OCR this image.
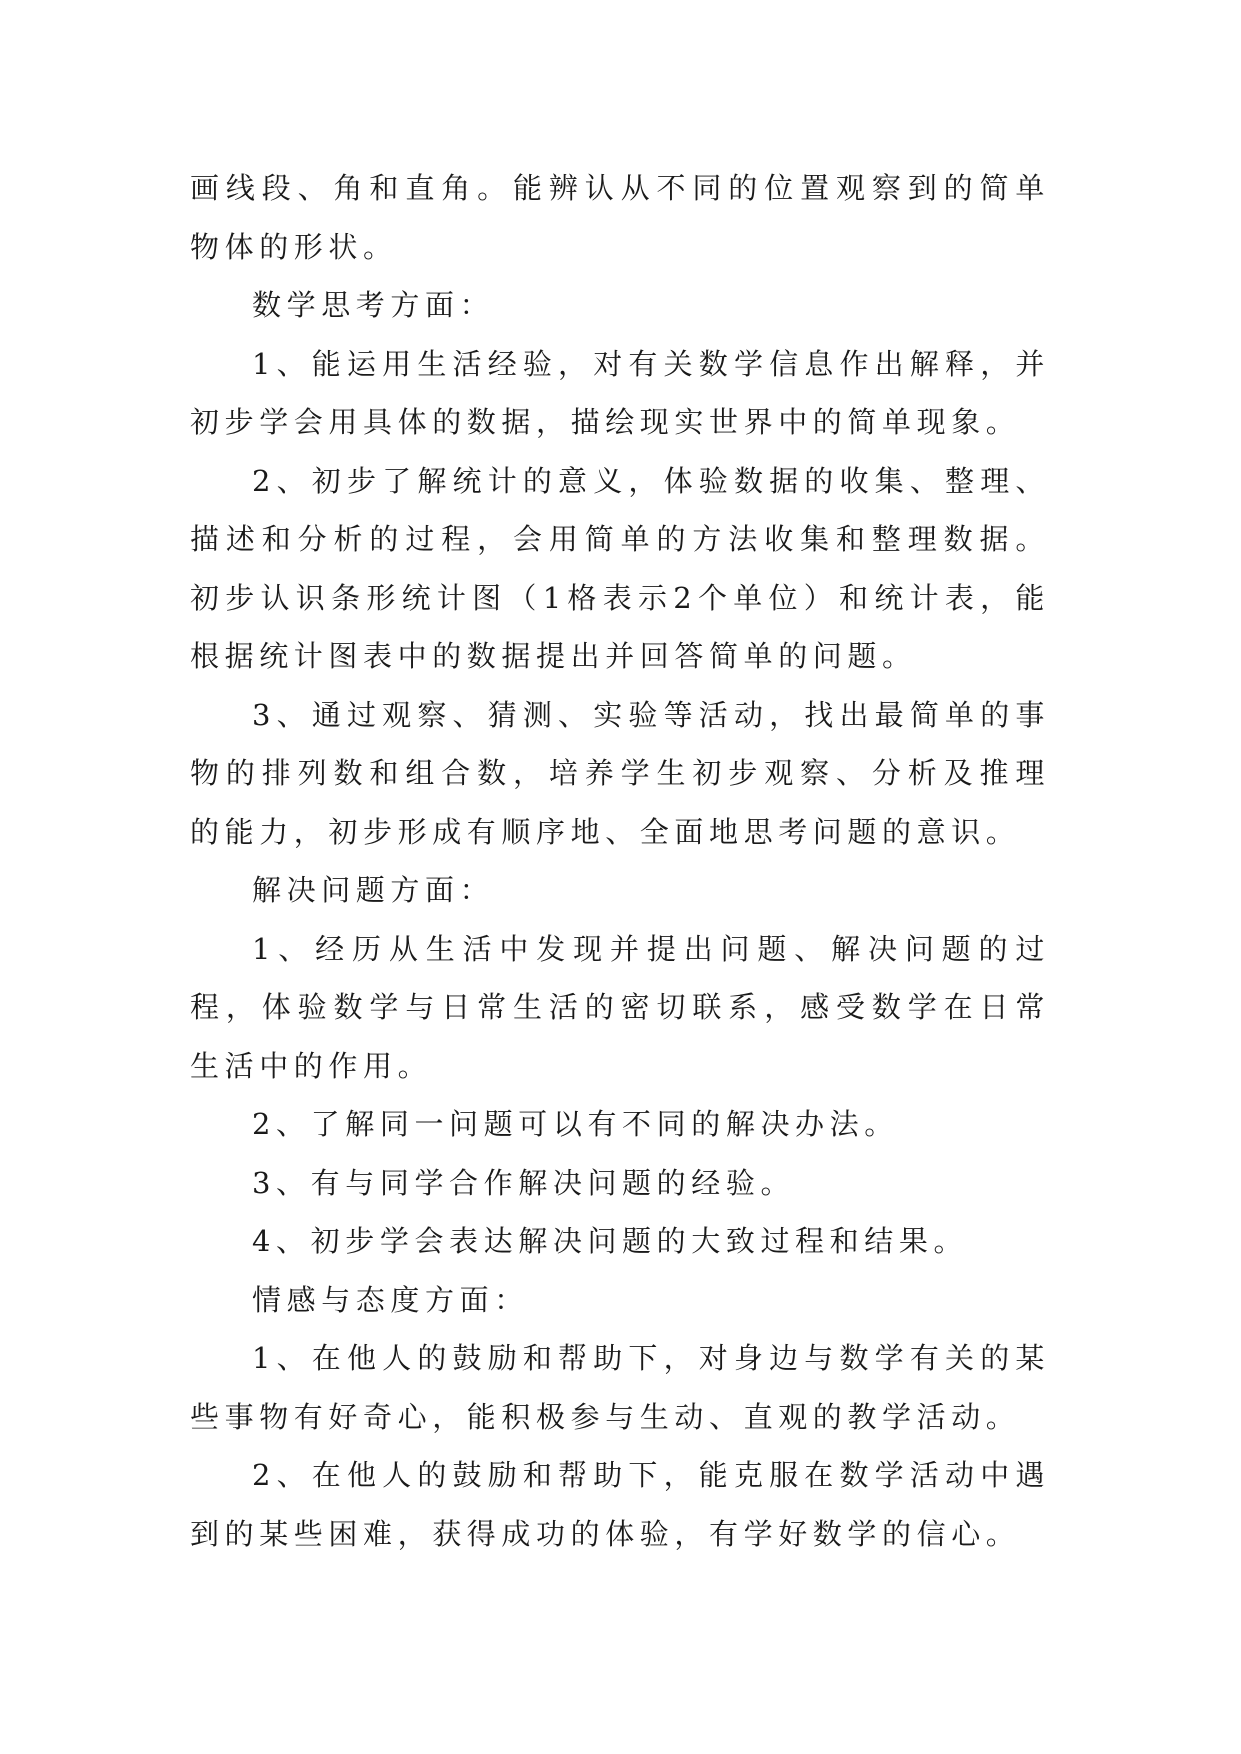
画线段、角和直角。能辨认从不同的位置观察到的简单物体的形状。

数学思考方面：

1、能运用生活经验，对有关数学信息作出解释，并初步学会用具体的数据，描绘现实世界中的简单现象。

2、初步了解统计的意义，体验数据的收集、整理、描述和分析的过程，会用简单的方法收集和整理数据。初步认识条形统计图（1格表示2个单位）和统计表，能根据统计图表中的数据提出并回答简单的问题。

3、通过观察、猜测、实验等活动，找出最简单的事物的排列数和组合数，培养学生初步观察、分析及推理的能力，初步形成有顺序地、全面地思考问题的意识。

解决问题方面：

1、经历从生活中发现并提出问题、解决问题的过程，体验数学与日常生活的密切联系，感受数学在日常生活中的作用。

2、了解同一问题可以有不同的解决办法。

3、有与同学合作解决问题的经验。

4、初步学会表达解决问题的大致过程和结果。

情感与态度方面：

1、在他人的鼓励和帮助下，对身边与数学有关的某些事物有好奇心，能积极参与生动、直观的教学活动。

2、在他人的鼓励和帮助下，能克服在数学活动中遇到的某些困难，获得成功的体验，有学好数学的信心。
